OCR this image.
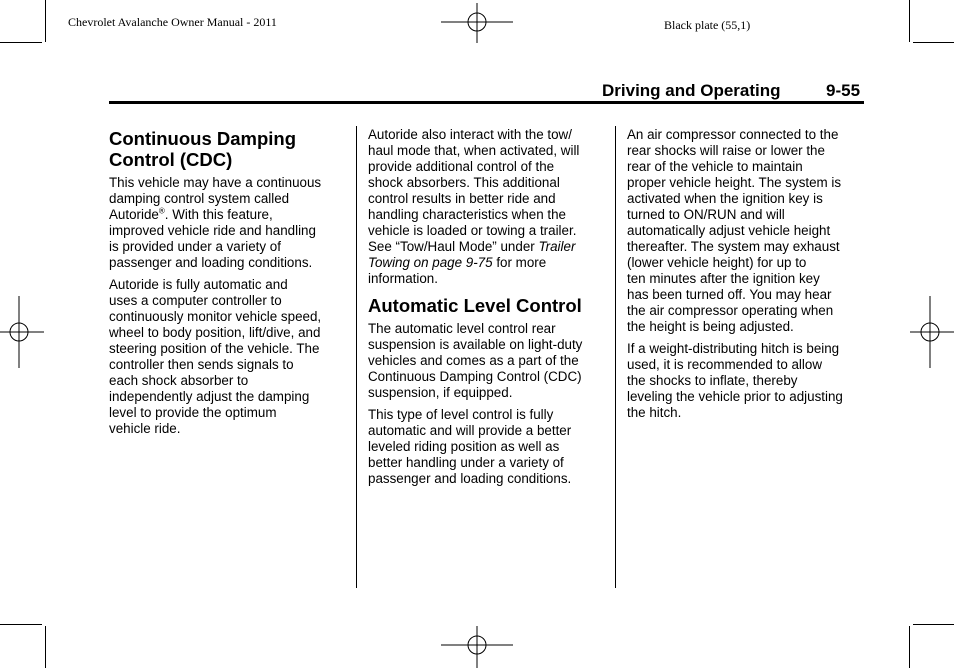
Chevrolet Avalanche Owner Manual - 2011	Black plate (55,1)
Driving and Operating	9-55
Continuous Damping Control (CDC)

This vehicle may have a continuous
damping control system called
Autoride®. With this feature,
improved vehicle ride and handling
is provided under a variety of
passenger and loading conditions.

Autoride is fully automatic and
uses a computer controller to
continuously monitor vehicle speed,
wheel to body position, lift/dive, and
steering position of the vehicle. The
controller then sends signals to
each shock absorber to
independently adjust the damping
level to provide the optimum
vehicle ride.

Autoride also interact with the tow/
haul mode that, when activated, will
provide additional control of the
shock absorbers. This additional
control results in better ride and
handling characteristics when the
vehicle is loaded or towing a trailer.
See “Tow/Haul Mode” under Trailer
Towing on page 9-75 for more
information.

Automatic Level Control

The automatic level control rear
suspension is available on light-duty
vehicles and comes as a part of the
Continuous Damping Control (CDC)
suspension, if equipped.

This type of level control is fully
automatic and will provide a better
leveled riding position as well as
better handling under a variety of
passenger and loading conditions.

An air compressor connected to the
rear shocks will raise or lower the
rear of the vehicle to maintain
proper vehicle height. The system is
activated when the ignition key is
turned to ON/RUN and will
automatically adjust vehicle height
thereafter. The system may exhaust
(lower vehicle height) for up to
ten minutes after the ignition key
has been turned off. You may hear
the air compressor operating when
the height is being adjusted.

If a weight-distributing hitch is being
used, it is recommended to allow
the shocks to inflate, thereby
leveling the vehicle prior to adjusting
the hitch.
